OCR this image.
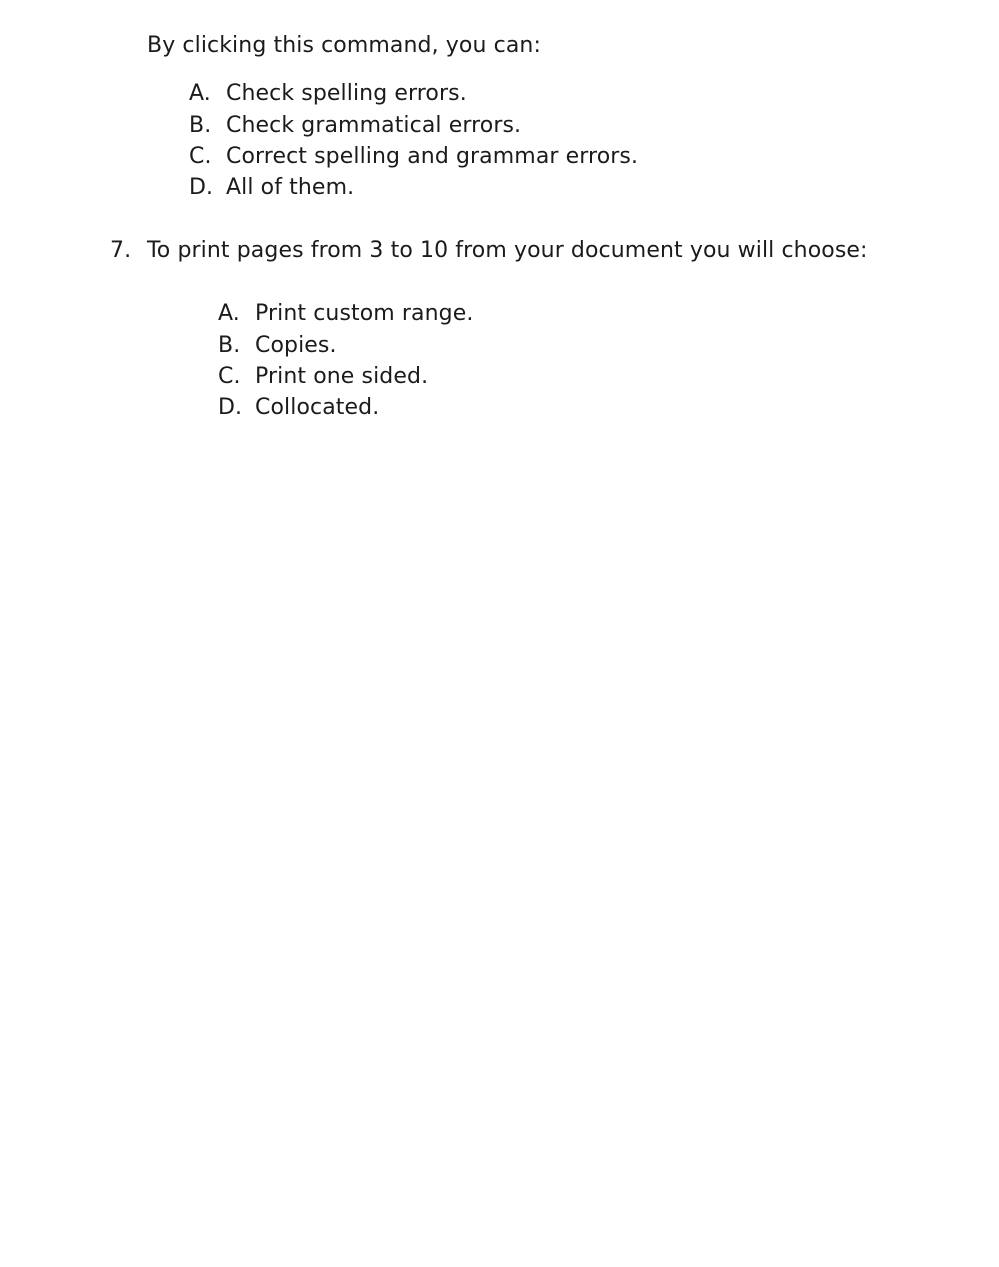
By clicking this command, you can:
A. Check spelling errors.
B. Check grammatical errors.
C. Correct spelling and grammar errors.
D. All of them.
7. To print pages from 3 to 10 from your document you will choose:
A. Print custom range.
B. Copies.
C. Print one sided.
D. Collocated.
